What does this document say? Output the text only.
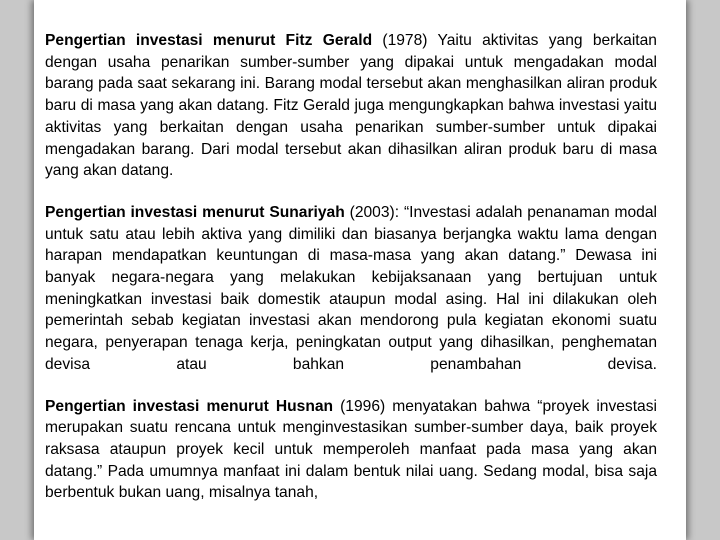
Pengertian investasi menurut Fitz Gerald (1978) Yaitu aktivitas yang berkaitan dengan usaha penarikan sumber-sumber yang dipakai untuk mengadakan modal barang pada saat sekarang ini. Barang modal tersebut akan menghasilkan aliran produk baru di masa yang akan datang. Fitz Gerald juga mengungkapkan bahwa investasi yaitu aktivitas yang berkaitan dengan usaha penarikan sumber-sumber untuk dipakai mengadakan barang. Dari modal tersebut akan dihasilkan aliran produk baru di masa yang akan datang.

Pengertian investasi menurut Sunariyah (2003): “Investasi adalah penanaman modal untuk satu atau lebih aktiva yang dimiliki dan biasanya berjangka waktu lama dengan harapan mendapatkan keuntungan di masa-masa yang akan datang.” Dewasa ini banyak negara-negara yang melakukan kebijaksanaan yang bertujuan untuk meningkatkan investasi baik domestik ataupun modal asing. Hal ini dilakukan oleh pemerintah sebab kegiatan investasi akan mendorong pula kegiatan ekonomi suatu negara, penyerapan tenaga kerja, peningkatan output yang dihasilkan, penghematan devisa atau bahkan penambahan devisa.

Pengertian investasi menurut Husnan (1996) menyatakan bahwa “proyek investasi merupakan suatu rencana untuk menginvestasikan sumber-sumber daya, baik proyek raksasa ataupun proyek kecil untuk memperoleh manfaat pada masa yang akan datang.” Pada umumnya manfaat ini dalam bentuk nilai uang. Sedang modal, bisa saja berbentuk bukan uang, misalnya tanah,
